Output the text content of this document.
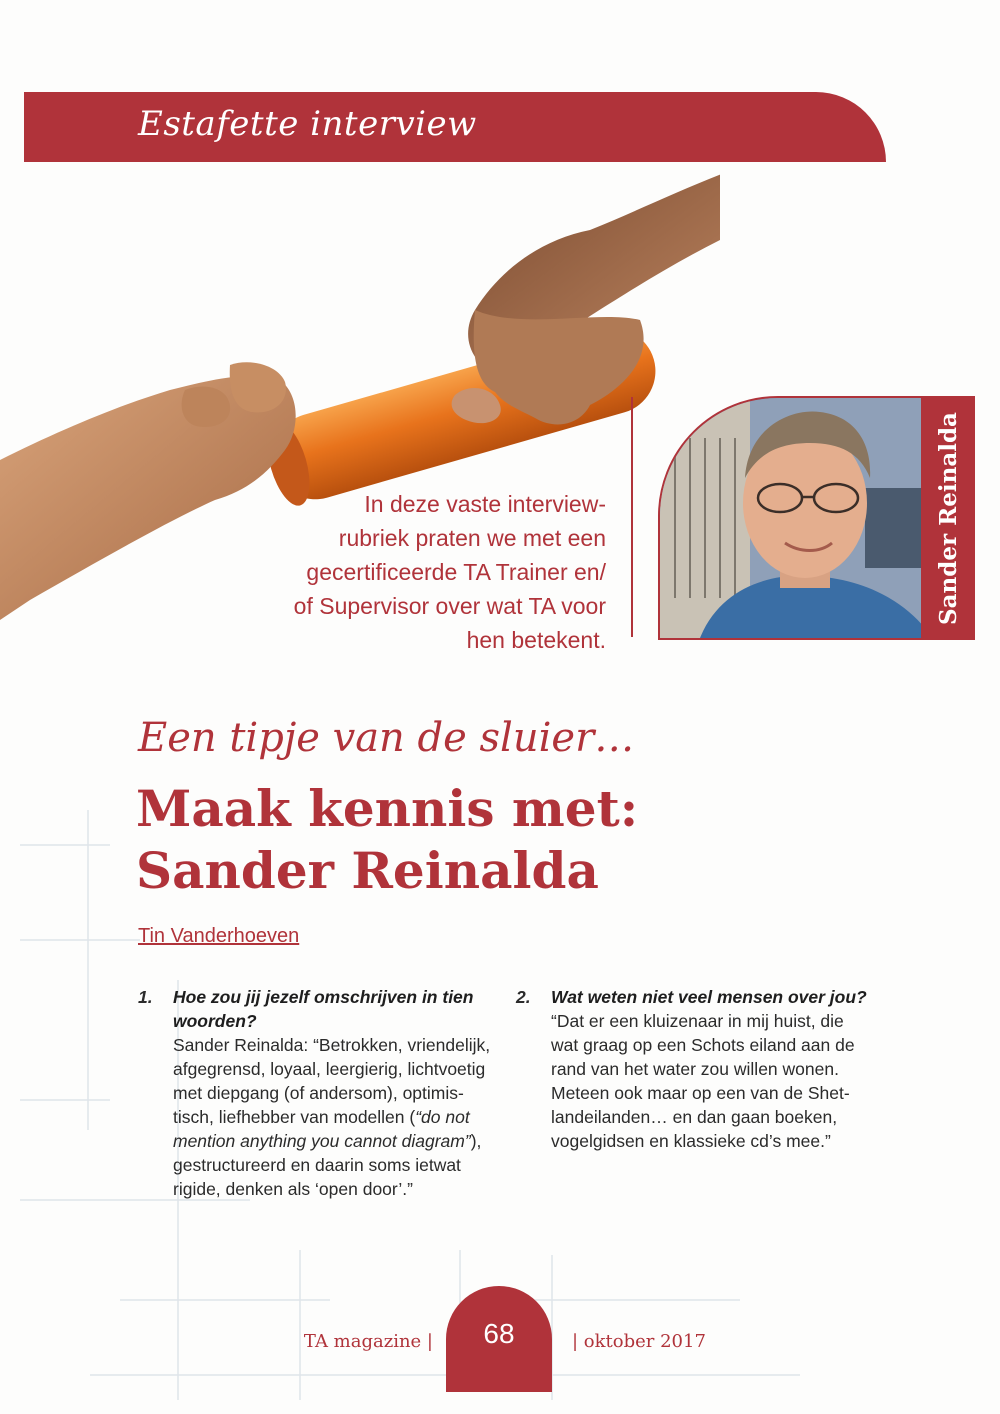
Estafette interview
In deze vaste interview-
rubriek praten we met een
gecertificeerde TA Trainer en/
of Supervisor over wat TA voor
hen betekent.
Sander Reinalda
Een tipje van de sluier…
Maak kennis met:
Sander Reinalda
Tin Vanderhoeven
1. Hoe zou jij jezelf omschrijven in tien
woorden?
Sander Reinalda: “Betrokken, vriendelijk,
afgegrensd, loyaal, leergierig, lichtvoetig
met diepgang (of andersom), optimis-
tisch, liefhebber van modellen (“do not
mention anything you cannot diagram”),
gestructureerd en daarin soms ietwat
rigide, denken als ‘open door’.”
2. Wat weten niet veel mensen over jou?
“Dat er een kluizenaar in mij huist, die
wat graag op een Schots eiland aan de
rand van het water zou willen wonen.
Meteen ook maar op een van de Shet-
landeilanden… en dan gaan boeken,
vogelgidsen en klassieke cd’s mee.”
TA magazine |	68	| oktober 2017
